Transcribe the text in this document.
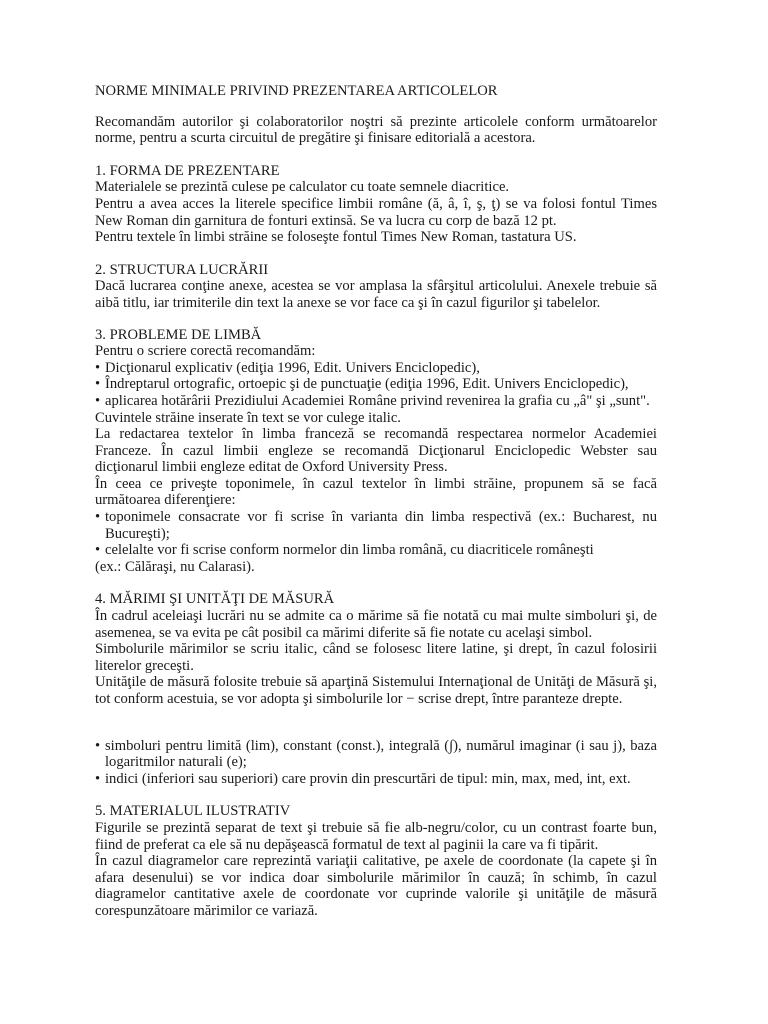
NORME MINIMALE PRIVIND PREZENTAREA ARTICOLELOR

Recomandăm autorilor şi colaboratorilor noştri să prezinte articolele conform următoarelor norme, pentru a scurta circuitul de pregătire şi finisare editorială a acestora.

1. FORMA DE PREZENTARE

Materialele se prezintă culese pe calculator cu toate semnele diacritice.

Pentru a avea acces la literele specifice limbii române (ă, â, î, ş, ţ) se va folosi fontul Times New Roman din garnitura de fonturi extinsă. Se va lucra cu corp de bază 12 pt.

Pentru textele în limbi străine se foloseşte fontul Times New Roman, tastatura US.

2. STRUCTURA LUCRĂRII

Dacă lucrarea conţine anexe, acestea se vor amplasa la sfârşitul articolului. Anexele trebuie să aibă titlu, iar trimiterile din text la anexe se vor face ca şi în cazul figurilor şi tabelelor.

3. PROBLEME DE LIMBĂ

Pentru o scriere corectă recomandăm:

• Dicţionarul explicativ (ediţia 1996, Edit. Univers Enciclopedic),
• Îndreptarul ortografic, ortoepic şi de punctuaţie (ediţia 1996, Edit. Univers Enciclopedic),
• aplicarea hotărârii Prezidiului Academiei Române privind revenirea la grafia cu „â" şi „sunt".

Cuvintele străine inserate în text se vor culege italic.

La redactarea textelor în limba franceză se recomandă respectarea normelor Academiei Franceze. În cazul limbii engleze se recomandă Dicţionarul Enciclopedic Webster sau dicţionarul limbii engleze editat de Oxford University Press.

În ceea ce priveşte toponimele, în cazul textelor în limbi străine, propunem să se facă următoarea diferenţiere:

• toponimele consacrate vor fi scrise în varianta din limba respectivă (ex.: Bucharest, nu Bucureşti);
• celelalte vor fi scrise conform normelor din limba română, cu diacriticele româneşti

(ex.: Călăraşi, nu Calarasi).

4. MĂRIMI ŞI UNITĂŢI DE MĂSURĂ

În cadrul aceleiaşi lucrări nu se admite ca o mărime să fie notată cu mai multe simboluri şi, de asemenea, se va evita pe cât posibil ca mărimi diferite să fie notate cu acelaşi simbol.

Simbolurile mărimilor se scriu italic, când se folosesc litere latine, şi drept, în cazul folosirii literelor greceşti.

Unităţile de măsură folosite trebuie să aparţină Sistemului Internaţional de Unităţi de Măsură şi, tot conform acestuia, se vor adopta şi simbolurile lor − scrise drept, între paranteze drepte.

• simboluri pentru limită (lim), constant (const.), integrală (∫), numărul imaginar (i sau j), baza logaritmilor naturali (e);
• indici (inferiori sau superiori) care provin din prescurtări de tipul: min, max, med, int, ext.
5. MATERIALUL ILUSTRATIV

Figurile se prezintă separat de text şi trebuie să fie alb-negru/color, cu un contrast foarte bun, fiind de preferat ca ele să nu depăşească formatul de text al paginii la care va fi tipărit.

În cazul diagramelor care reprezintă variaţii calitative, pe axele de coordonate (la capete şi în afara desenului) se vor indica doar simbolurile mărimilor în cauză; în schimb, în cazul diagramelor cantitative axele de coordonate vor cuprinde valorile şi unităţile de măsură corespunzătoare mărimilor ce variază.
